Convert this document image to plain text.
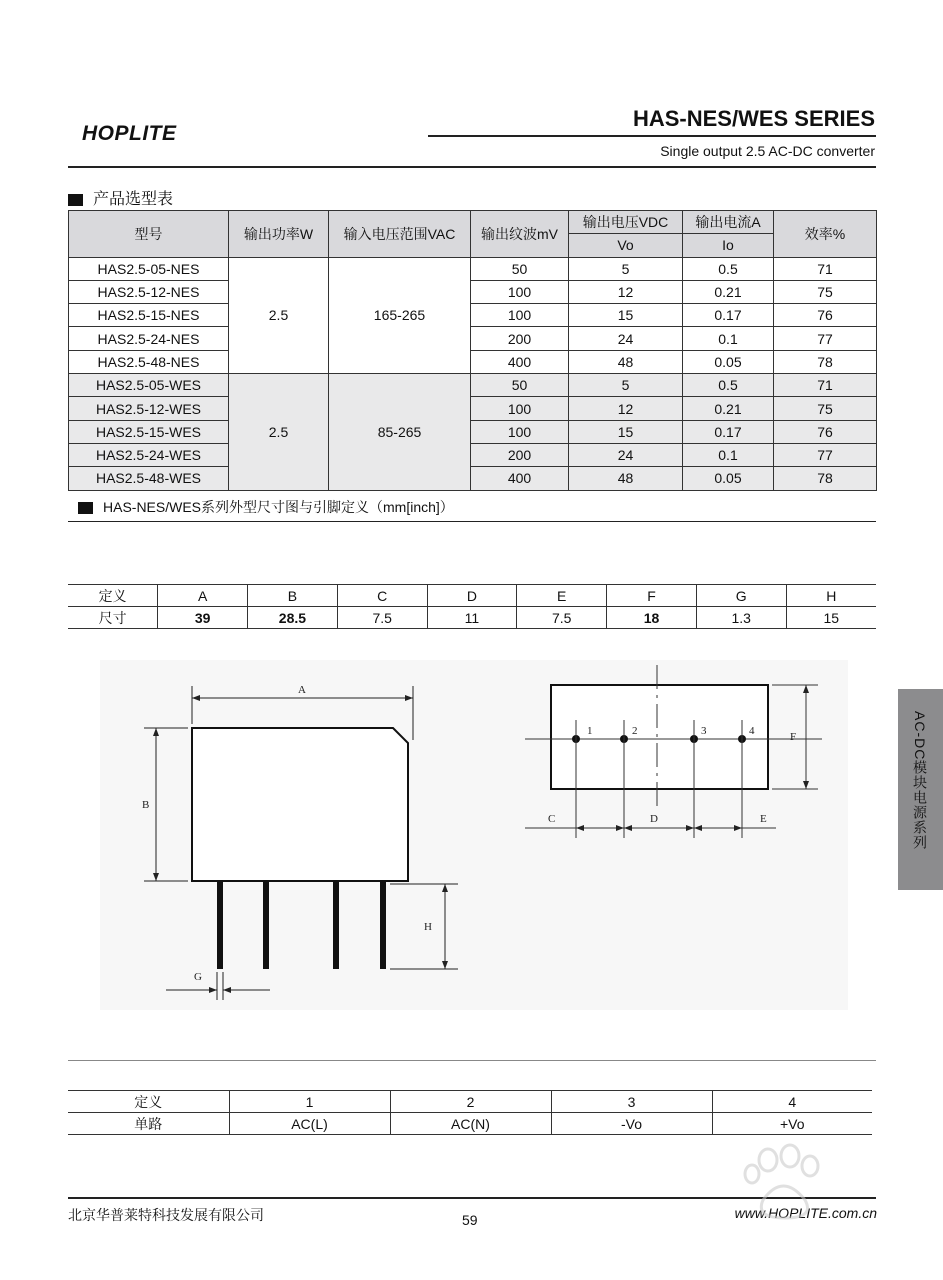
HOPLITE
HAS-NES/WES SERIES
Single output 2.5 AC-DC converter
产品选型表
型号	输出功率W	输入电压范围VAC	输出纹波mV	输出电压VDC	输出电流A	效率%
				Vo	Io	
HAS2.5-05-NES	2.5	165-265	50	5	0.5	71
HAS2.5-12-NES			100	12	0.21	75
HAS2.5-15-NES			100	15	0.17	76
HAS2.5-24-NES			200	24	0.1	77
HAS2.5-48-NES			400	48	0.05	78
HAS2.5-05-WES	2.5	85-265	50	5	0.5	71
HAS2.5-12-WES			100	12	0.21	75
HAS2.5-15-WES			100	15	0.17	76
HAS2.5-24-WES			200	24	0.1	77
HAS2.5-48-WES			400	48	0.05	78
HAS-NES/WES系列外型尺寸图与引脚定义（mm[inch]）
定义	A	B	C	D	E	F	G	H
尺寸	39	28.5	7.5	11	7.5	18	1.3	15
A
B
H
G
1	2	3	4
C	D	E
F
定义	1	2	3	4
单路	AC(L)	AC(N)	-Vo	+Vo
AC-DC模块电源系列
北京华普莱特科技发展有限公司	59	www.HOPLITE.com.cn
